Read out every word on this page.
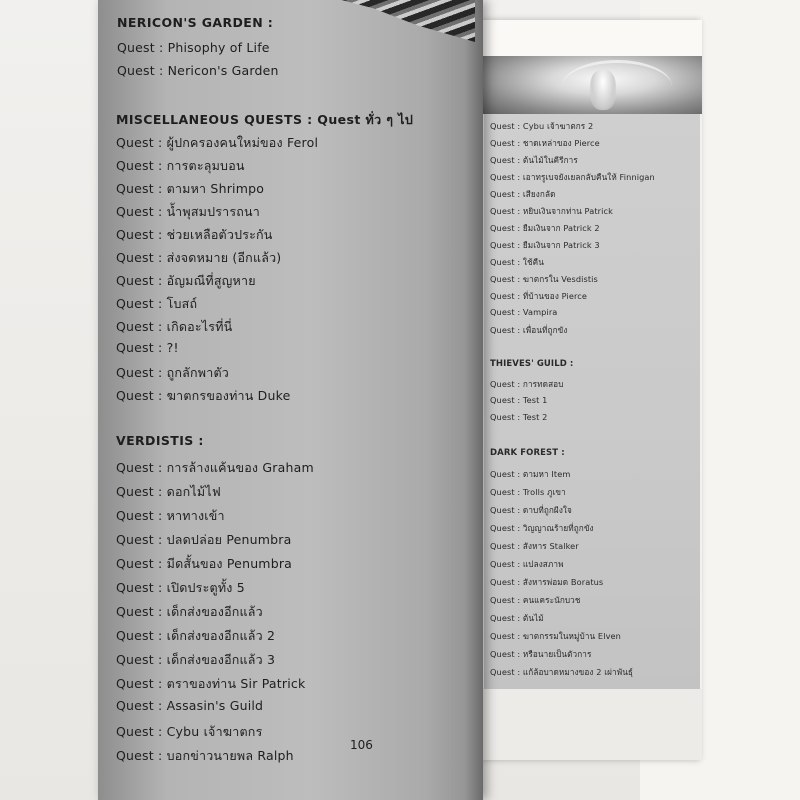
Quest : Cybu เจ้าฆาตกร 2
Quest : ชาดเหล่าของ Pierce
Quest : ต้นไม้ในคีรีการ
Quest : เอาทรูเบจยังเยลกลับคืนให้ Finnigan
Quest : เสียงกลัด
Quest : หยิบเงินจากท่าน Patrick
Quest : ยืมเงินจาก Patrick 2
Quest : ยืมเงินจาก Patrick 3
Quest : ใช้คืน
Quest : ฆาตกรใน Vesdistis
Quest : ที่บ้านของ Pierce
Quest : Vampira
Quest : เพื่อนที่ถูกขัง
THIEVES' GUILD :
Quest : การทดสอบ
Quest : Test 1
Quest : Test 2
DARK FOREST :
Quest : ตามหา Item
Quest : Trolls ภูเขา
Quest : ดาบที่ถูกผีงใจ
Quest : วิญญาณร้ายที่ถูกขัง
Quest : สังหาร Stalker
Quest : แปลงสภาพ
Quest : สังหารพ่อมด Boratus
Quest : คนแคระนักบวช
Quest : ต้นไม้
Quest : ฆาตกรรมในหมู่บ้าน Elven
Quest : หรือนายเป็นตัวการ
Quest : แก้ล้อบาดหมางของ 2 เผ่าพันธุ์
NERICON'S GARDEN :
Quest : Phisophy of Life
Quest : Nericon's Garden
MISCELLANEOUS QUESTS : Quest ทั่ว ๆ ไป
Quest : ผู้ปกครองคนใหม่ของ Ferol
Quest : การตะลุมบอน
Quest : ตามหา Shrimpo
Quest : น้ำพุสมปรารถนา
Quest : ช่วยเหลือตัวประกัน
Quest : ส่งจดหมาย (อีกแล้ว)
Quest : อัญมณีที่สูญหาย
Quest : โบสถ์
Quest : เกิดอะไรที่นี่
Quest : ?!
Quest : ถูกลักพาตัว
Quest : ฆาตกรของท่าน Duke
VERDISTIS :
Quest : การล้างแค้นของ Graham
Quest : ดอกไม้ไฟ
Quest : หาทางเข้า
Quest : ปลดปล่อย Penumbra
Quest : มีดสั้นของ Penumbra
Quest : เปิดประตูทั้ง 5
Quest : เด็กส่งของอีกแล้ว
Quest : เด็กส่งของอีกแล้ว 2
Quest : เด็กส่งของอีกแล้ว 3
Quest : ตราของท่าน Sir Patrick
Quest : Assasin's Guild
Quest : Cybu เจ้าฆาตกร
Quest : บอกข่าวนายพล Ralph
106
